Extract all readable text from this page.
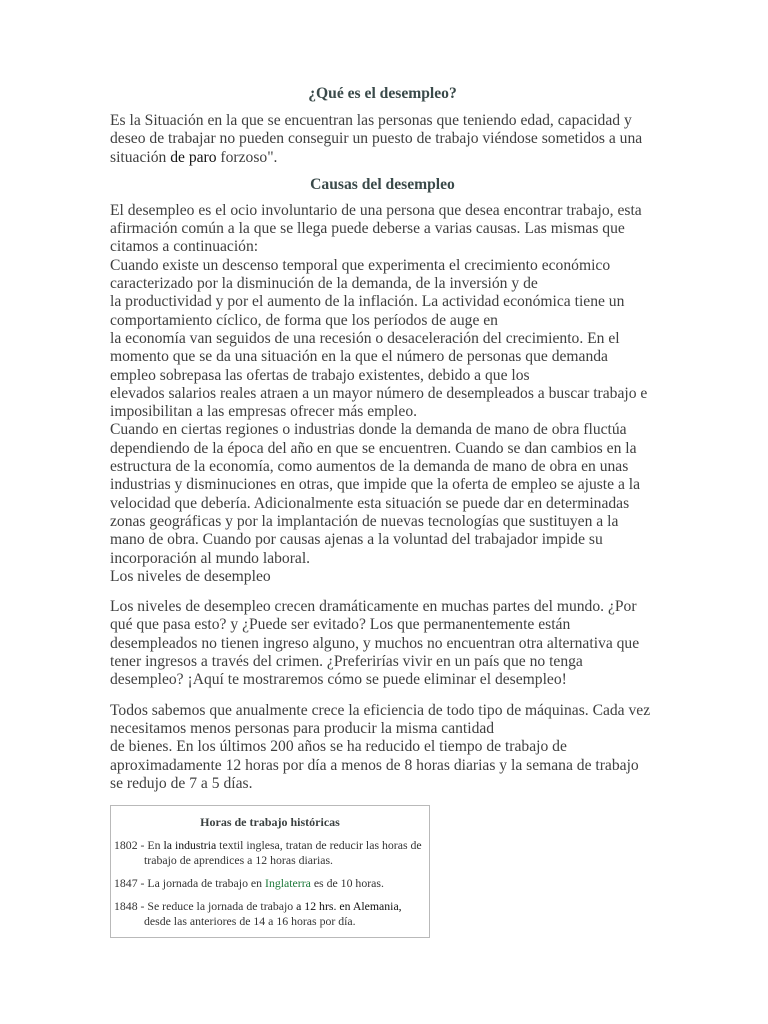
¿Qué es el desempleo?

Es la Situación en la que se encuentran las personas que teniendo edad, capacidad y deseo de trabajar no pueden conseguir un puesto de trabajo viéndose sometidos a una situación de paro forzoso".

Causas del desempleo

El desempleo es el ocio involuntario de una persona que desea encontrar trabajo, esta afirmación común a la que se llega puede deberse a varias causas. Las mismas que citamos a continuación:

Cuando existe un descenso temporal que experimenta el crecimiento económico caracterizado por la disminución de la demanda, de la inversión y de

la productividad y por el aumento de la inflación. La actividad económica tiene un comportamiento cíclico, de forma que los períodos de auge en

la economía van seguidos de una recesión o desaceleración del crecimiento. En el momento que se da una situación en la que el número de personas que demanda empleo sobrepasa las ofertas de trabajo existentes, debido a que los

elevados salarios reales atraen a un mayor número de desempleados a buscar trabajo e imposibilitan a las empresas ofrecer más empleo.

Cuando en ciertas regiones o industrias donde la demanda de mano de obra fluctúa dependiendo de la época del año en que se encuentren. Cuando se dan cambios en la estructura de la economía, como aumentos de la demanda de mano de obra en unas industrias y disminuciones en otras, que impide que la oferta de empleo se ajuste a la velocidad que debería. Adicionalmente esta situación se puede dar en determinadas zonas geográficas y por la implantación de nuevas tecnologías que sustituyen a la mano de obra. Cuando por causas ajenas a la voluntad del trabajador impide su incorporación al mundo laboral.

Los niveles de desempleo

Los niveles de desempleo crecen dramáticamente en muchas partes del mundo. ¿Por qué que pasa esto? y ¿Puede ser evitado? Los que permanentemente están desempleados no tienen ingreso alguno, y muchos no encuentran otra alternativa que tener ingresos a través del crimen. ¿Preferirías vivir en un país que no tenga desempleo? ¡Aquí te mostraremos cómo se puede eliminar el desempleo!

Todos sabemos que anualmente crece la eficiencia de todo tipo de máquinas. Cada vez necesitamos menos personas para producir la misma cantidad

de bienes. En los últimos 200 años se ha reducido el tiempo de trabajo de aproximadamente 12 horas por día a menos de 8 horas diarias y la semana de trabajo se redujo de 7 a 5 días.

Horas de trabajo históricas
1802 - En la industria textil inglesa, tratan de reducir las horas de trabajo de aprendices a 12 horas diarias.
1847 - La jornada de trabajo en Inglaterra es de 10 horas.
1848 - Se reduce la jornada de trabajo a 12 hrs. en Alemania, desde las anteriores de 14 a 16 horas por día.
